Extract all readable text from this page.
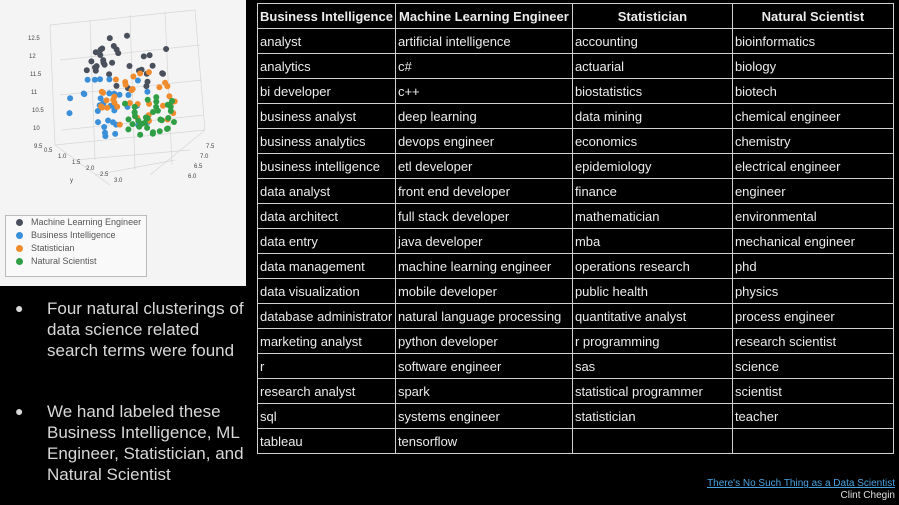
12.5
12
11.5
11
10.5
10
9.5
0.5
1.0
1.5
2.0
2.5
3.0
7.5
7.0
6.5
6.0
y
Machine Learning Engineer
Business Intelligence
Statistician
Natural Scientist
● Four natural clusterings of data science related search terms were found
● We hand labeled these Business Intelligence, ML Engineer, Statistician, and Natural Scientist
Business Intelligence	Machine Learning Engineer	Statistician	Natural Scientist
analyst	artificial intelligence	accounting	bioinformatics
analytics	c#	actuarial	biology
bi developer	c++	biostatistics	biotech
business analyst	deep learning	data mining	chemical engineer
business analytics	devops engineer	economics	chemistry
business intelligence	etl developer	epidemiology	electrical engineer
data analyst	front end developer	finance	engineer
data architect	full stack developer	mathematician	environmental
data entry	java developer	mba	mechanical engineer
data management	machine learning engineer	operations research	phd
data visualization	mobile developer	public health	physics
database administrator	natural language processing	quantitative analyst	process engineer
marketing analyst	python developer	r programming	research scientist
r	software engineer	sas	science
research analyst	spark	statistical programmer	scientist
sql	systems engineer	statistician	teacher
tableau	tensorflow		
There's No Such Thing as a Data Scientist
Clint Chegin
